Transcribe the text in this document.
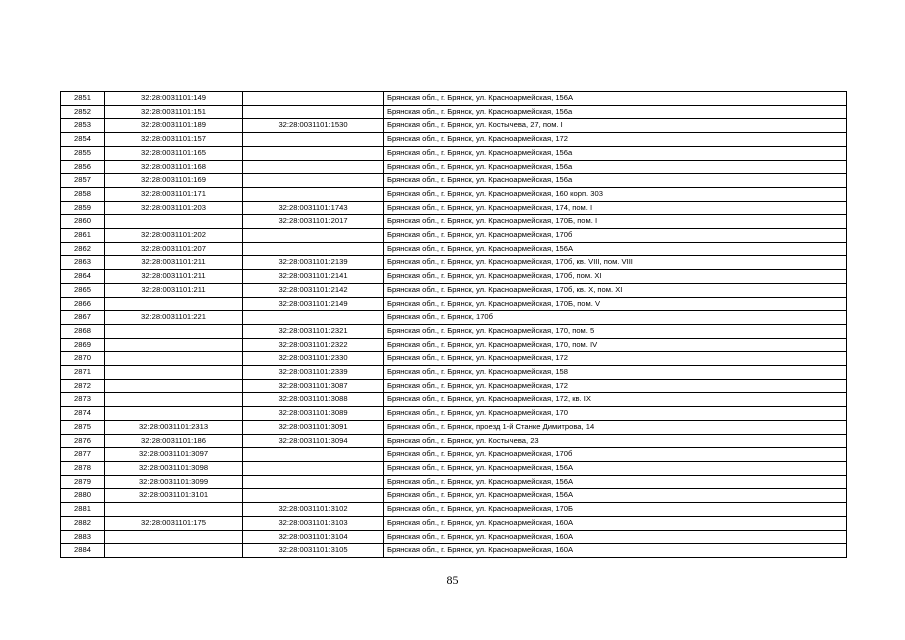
2851	32:28:0031101:149		Брянская обл., г. Брянск, ул. Красноармейская, 156А
2852	32:28:0031101:151		Брянская обл., г. Брянск, ул. Красноармейская, 156а
2853	32:28:0031101:189	32:28:0031101:1530	Брянская обл., г. Брянск, ул. Костычева, 27, пом. I
2854	32:28:0031101:157		Брянская обл., г. Брянск, ул. Красноармейская, 172
2855	32:28:0031101:165		Брянская обл., г. Брянск, ул. Красноармейская, 156а
2856	32:28:0031101:168		Брянская обл., г. Брянск, ул. Красноармейская, 156а
2857	32:28:0031101:169		Брянская обл., г. Брянск, ул. Красноармейская, 156а
2858	32:28:0031101:171		Брянская обл., г. Брянск, ул. Красноармейская, 160 корп. 303
2859	32:28:0031101:203	32:28:0031101:1743	Брянская обл., г. Брянск, ул. Красноармейская, 174, пом. I
2860		32:28:0031101:2017	Брянская обл., г. Брянск, ул. Красноармейская, 170Б, пом. I
2861	32:28:0031101:202		Брянская обл., г. Брянск, ул. Красноармейская, 170б
2862	32:28:0031101:207		Брянская обл., г. Брянск, ул. Красноармейская, 156А
2863	32:28:0031101:211	32:28:0031101:2139	Брянская обл., г. Брянск, ул. Красноармейская, 170б, кв. VIII, пом. VIII
2864	32:28:0031101:211	32:28:0031101:2141	Брянская обл., г. Брянск, ул. Красноармейская, 170б, пом. XI
2865	32:28:0031101:211	32:28:0031101:2142	Брянская обл., г. Брянск, ул. Красноармейская, 170б, кв. X, пом. XI
2866		32:28:0031101:2149	Брянская обл., г. Брянск, ул. Красноармейская, 170Б, пом. V
2867	32:28:0031101:221		Брянская обл., г. Брянск, 170б
2868		32:28:0031101:2321	Брянская обл., г. Брянск, ул. Красноармейская, 170, пом. 5
2869		32:28:0031101:2322	Брянская обл., г. Брянск, ул. Красноармейская, 170, пом. IV
2870		32:28:0031101:2330	Брянская обл., г. Брянск, ул. Красноармейская, 172
2871		32:28:0031101:2339	Брянская обл., г. Брянск, ул. Красноармейская, 158
2872		32:28:0031101:3087	Брянская обл., г. Брянск, ул. Красноармейская, 172
2873		32:28:0031101:3088	Брянская обл., г. Брянск, ул. Красноармейская, 172, кв. IX
2874		32:28:0031101:3089	Брянская обл., г. Брянск, ул. Красноармейская, 170
2875	32:28:0031101:2313	32:28:0031101:3091	Брянская обл., г. Брянск, проезд 1-й Станке Димитрова, 14
2876	32:28:0031101:186	32:28:0031101:3094	Брянская обл., г. Брянск, ул. Костычева, 23
2877	32:28:0031101:3097		Брянская обл., г. Брянск, ул. Красноармейская, 170б
2878	32:28:0031101:3098		Брянская обл., г. Брянск, ул. Красноармейская, 156А
2879	32:28:0031101:3099		Брянская обл., г. Брянск, ул. Красноармейская, 156А
2880	32:28:0031101:3101		Брянская обл., г. Брянск, ул. Красноармейская, 156А
2881		32:28:0031101:3102	Брянская обл., г. Брянск, ул. Красноармейская, 170Б
2882	32:28:0031101:175	32:28:0031101:3103	Брянская обл., г. Брянск, ул. Красноармейская, 160А
2883		32:28:0031101:3104	Брянская обл., г. Брянск, ул. Красноармейская, 160А
2884		32:28:0031101:3105	Брянская обл., г. Брянск, ул. Красноармейская, 160А
85
